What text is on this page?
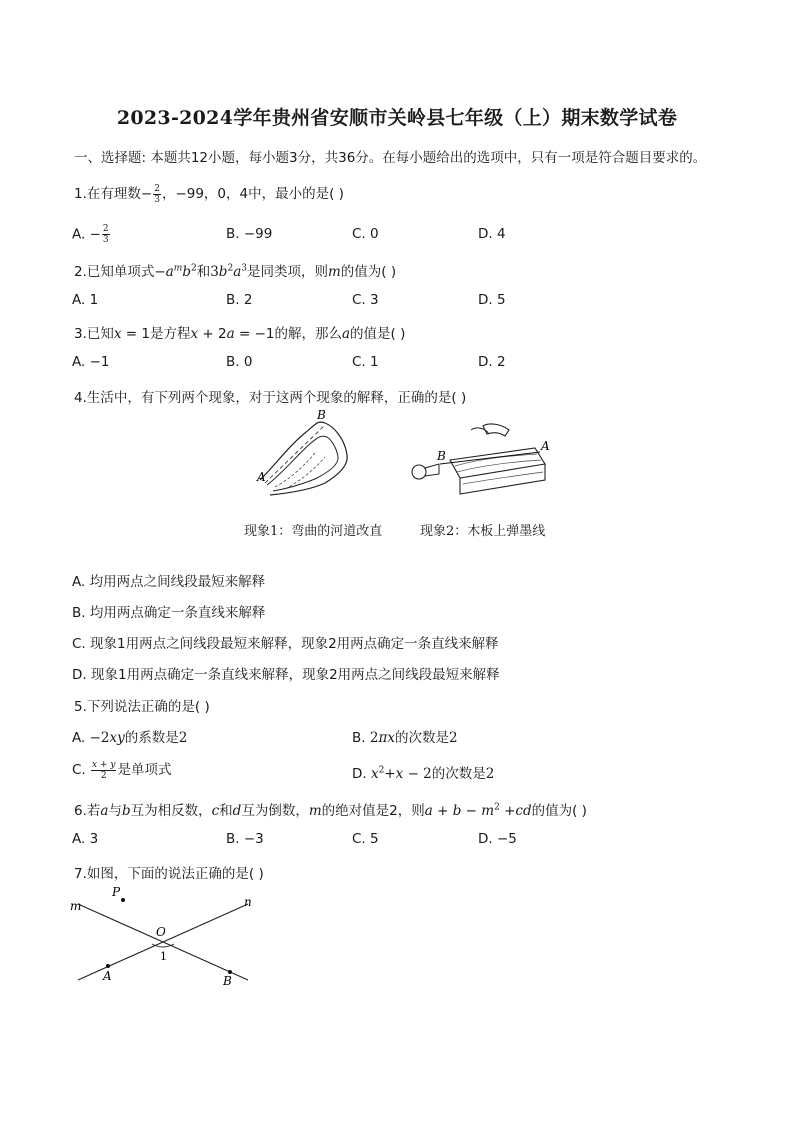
2023-2024学年贵州省安顺市关岭县七年级（上）期末数学试卷
一、选择题: 本题共12小题，每小题3分，共36分。在每小题给出的选项中，只有一项是符合题目要求的。
1.在有理数− $\frac{2}{3}$ ，−99，0，4中，最小的是( )
A. − $\frac{2}{3}$	B. −99	C. 0	D. 4
2.已知单项式$-a^mb^2$和$3b^2a^3$是同类项，则m的值为( )
A. 1	B. 2	C. 3	D. 5
3.已知x = 1是方程x + 2a = −1的解，那么a的值是( )
A. −1	B. 0	C. 1	D. 2
4.生活中，有下列两个现象，对于这两个现象的解释，正确的是( )
B
A
B
A
现象1：弯曲的河道改直	现象2：木板上弹墨线
A. 均用两点之间线段最短来解释
B. 均用两点确定一条直线来解释
C. 现象1用两点之间线段最短来解释，现象2用两点确定一条直线来解释
D. 现象1用两点确定一条直线来解释，现象2用两点之间线段最短来解释
5.下列说法正确的是( )
A. −2xy的系数是2	B. 2πx的次数是2
C. $\frac{x + y}{2}$ 是单项式	D. $x^2+x - 2$的次数是2
6.若a与b互为相反数，c和d互为倒数，m的绝对值是2，则$a + b - m^2 +cd$的值为( )
A. 3	B. −3	C. 5	D. −5
7.如图，下面的说法正确的是( )
P
m	n
O
1
A	B
